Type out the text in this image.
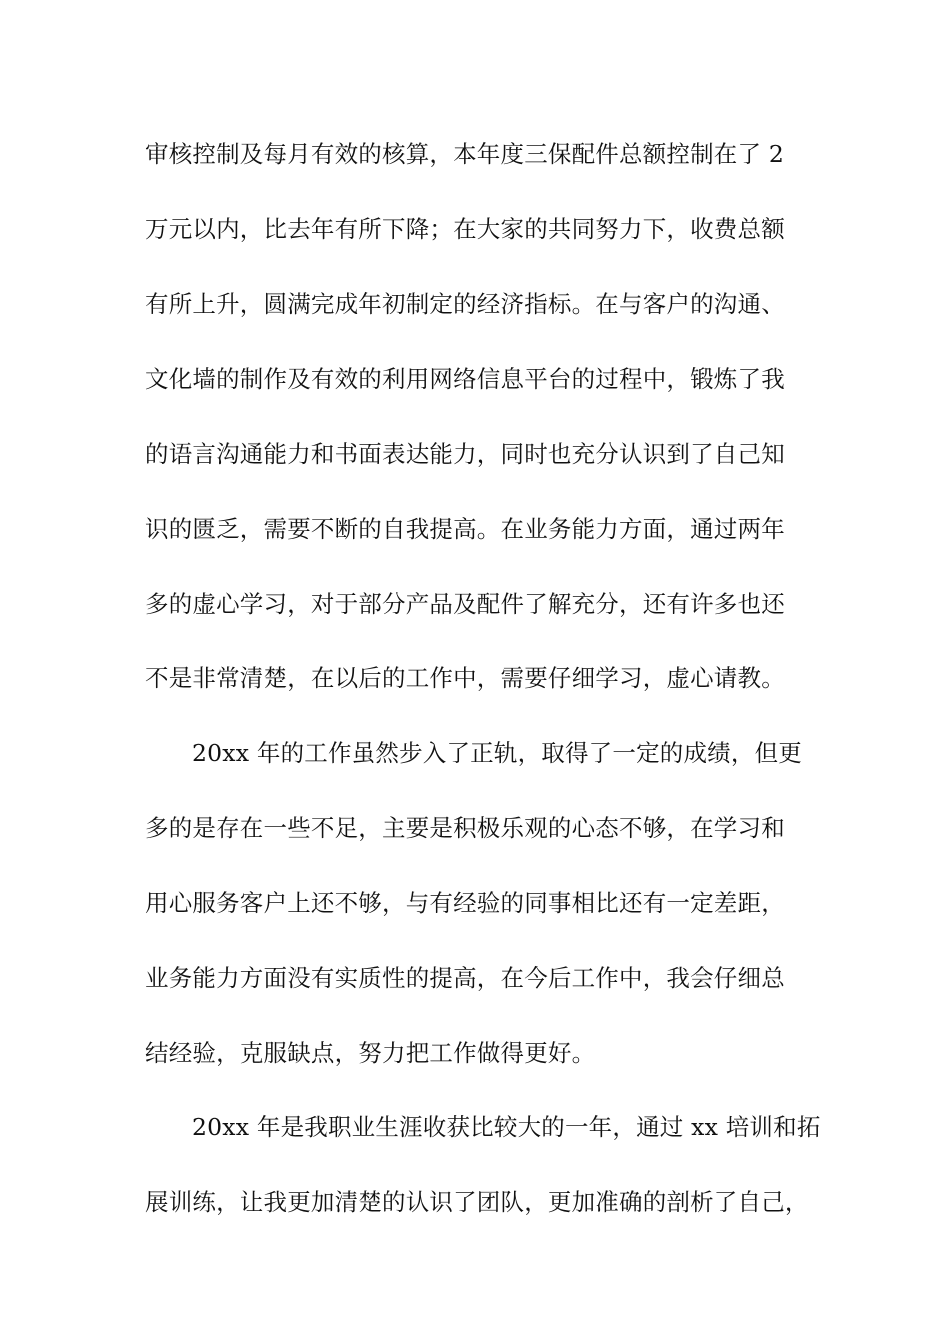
审核控制及每月有效的核算，本年度三保配件总额控制在了 2
万元以内，比去年有所下降；在大家的共同努力下，收费总额
有所上升，圆满完成年初制定的经济指标。在与客户的沟通、
文化墙的制作及有效的利用网络信息平台的过程中，锻炼了我
的语言沟通能力和书面表达能力，同时也充分认识到了自己知
识的匮乏，需要不断的自我提高。在业务能力方面，通过两年
多的虚心学习，对于部分产品及配件了解充分，还有许多也还
不是非常清楚，在以后的工作中，需要仔细学习，虚心请教。
20xx 年的工作虽然步入了正轨，取得了一定的成绩，但更
多的是存在一些不足，主要是积极乐观的心态不够，在学习和
用心服务客户上还不够，与有经验的同事相比还有一定差距，
业务能力方面没有实质性的提高，在今后工作中，我会仔细总
结经验，克服缺点，努力把工作做得更好。
20xx 年是我职业生涯收获比较大的一年，通过 xx 培训和拓
展训练，让我更加清楚的认识了团队，更加准确的剖析了自己，
